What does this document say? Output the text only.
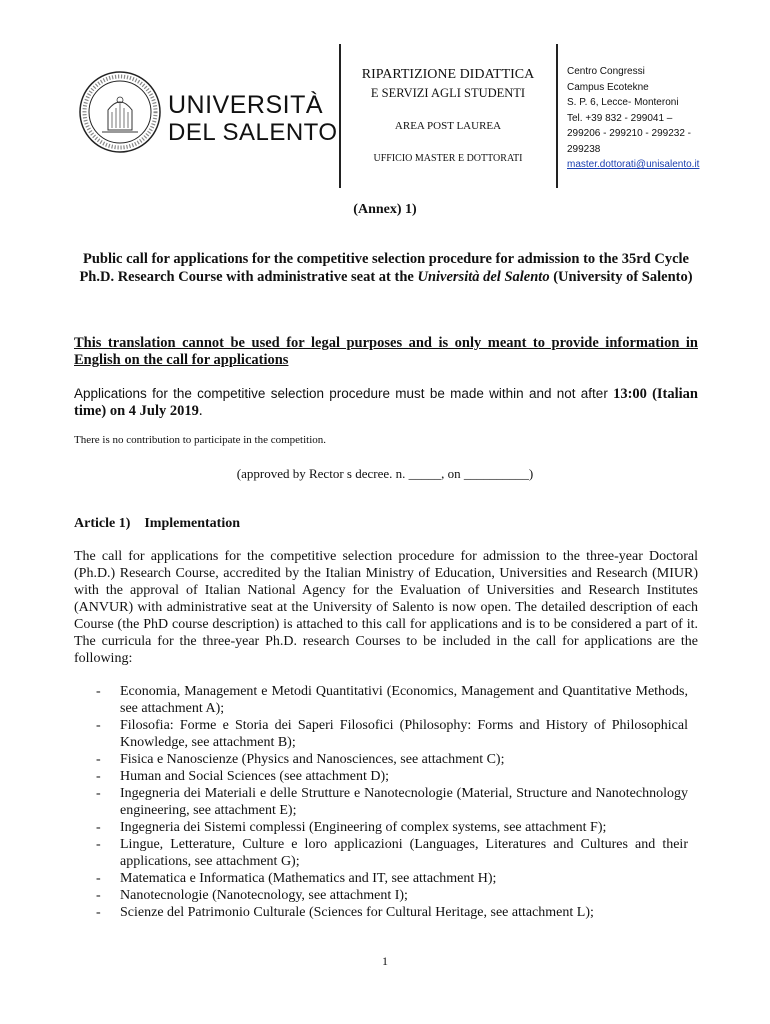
UNIVERSITÀ
DEL SALENTO
RIPARTIZIONE DIDATTICA
E SERVIZI AGLI STUDENTI
AREA POST LAUREA
UFFICIO MASTER E DOTTORATI
Centro Congressi
Campus Ecotekne
S. P. 6, Lecce- Monteroni
Tel. +39 832 - 299041 –
299206 - 299210 - 299232 -
299238
master.dottorati@unisalento.it
(Annex) 1)
Public call for applications for the competitive selection procedure for admission to the 35rd Cycle Ph.D. Research Course with administrative seat at the Università del Salento (University of Salento)
This translation cannot be used for legal purposes and is only meant to provide information in English on the call for applications
Applications for the competitive selection procedure must be made within and not after 13:00 (Italian time) on 4 July 2019.
There is no contribution to participate in the competition.
(approved by Rector s decree. n. _____, on __________)
Article 1)    Implementation
The call for applications for the competitive selection procedure for admission to the three-year Doctoral (Ph.D.) Research Course, accredited by the Italian Ministry of Education, Universities and Research (MIUR) with the approval of Italian National Agency for the Evaluation of Universities and Research Institutes (ANVUR) with administrative seat at the University of Salento is now open. The detailed description of each Course (the PhD course description) is attached to this call for applications and is to be considered a part of it. The curricula for the three-year Ph.D. research Courses to be included in the call for applications are the following:
-	Economia, Management e Metodi Quantitativi (Economics, Management and Quantitative Methods, see attachment A);
-	Filosofia: Forme e Storia dei Saperi Filosofici (Philosophy: Forms and History of Philosophical Knowledge, see attachment B);
-	Fisica e Nanoscienze (Physics and Nanosciences, see attachment C);
-	Human and Social Sciences (see attachment D);
-	Ingegneria dei Materiali e delle Strutture e Nanotecnologie (Material, Structure and Nanotechnology engineering, see attachment E);
-	Ingegneria dei Sistemi complessi (Engineering of complex systems, see attachment F);
-	Lingue, Letterature, Culture e loro applicazioni (Languages, Literatures and Cultures and their applications, see attachment G);
-	Matematica e Informatica (Mathematics and IT, see attachment H);
-	Nanotecnologie (Nanotecnology, see attachment I);
-	Scienze del Patrimonio Culturale (Sciences for Cultural Heritage, see attachment L);
1
